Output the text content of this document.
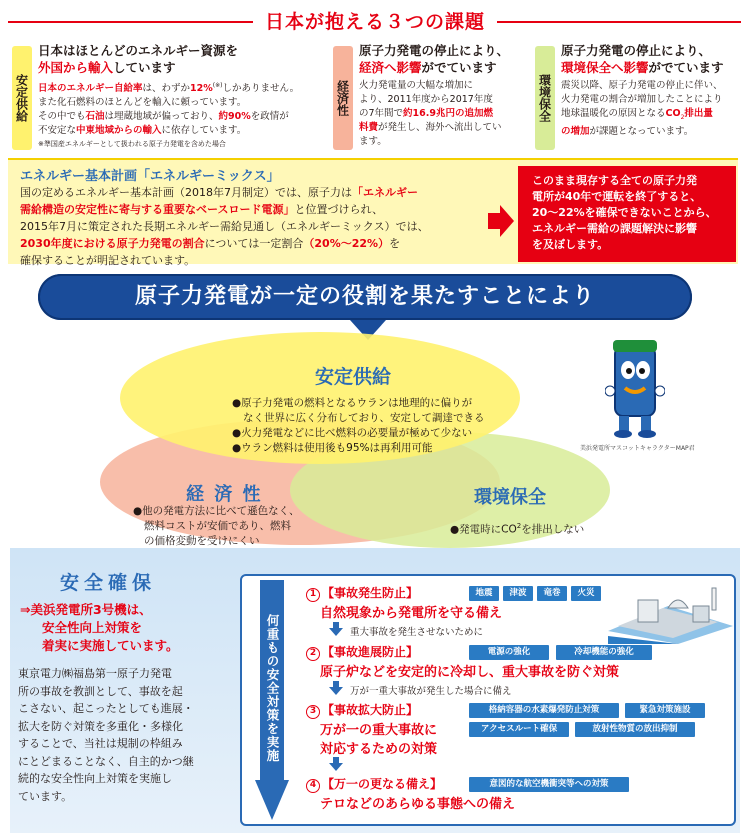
日本が抱える３つの課題
安定供給
日本はほとんどのエネルギー資源を
外国から輸入しています
日本のエネルギー自給率は、わずか12%(※)しかありません。
また化石燃料のほとんどを輸入に頼っています。
その中でも石油は埋蔵地域が偏っており、約90%を政情が
不安定な中東地域からの輸入に依存しています。
※準国産エネルギーとして扱われる原子力発電を含めた場合
経済性
原子力発電の停止により、
経済へ影響がでています
火力発電量の大幅な増加に
より、2011年度から2017年度
の7年間で約16.9兆円の追加燃
料費が発生し、海外へ流出してい
ます。
環境保全
原子力発電の停止により、
環境保全へ影響がでています
震災以降、原子力発電の停止に伴い、
火力発電の割合が増加したことにより
地球温暖化の原因となる$CO_2$排出量
の増加が課題となっています。
エネルギー基本計画「エネルギーミックス」
国の定めるエネルギー基本計画（2018年7月制定）では、原子力は「エネルギー
需給構造の安定性に寄与する重要なベースロード電源」と位置づけられ、
2015年7月に策定された長期エネルギー需給見通し（エネルギーミックス）では、
2030年度における原子力発電の割合については一定割合（20%〜22%）を
確保することが明記されています。
このまま現存する全ての原子力発
電所が40年で運転を終了すると、
20〜22%を確保できないことから、
エネルギー需給の課題解決に影響
を及ぼします。
原子力発電が一定の役割を果たすことにより
安定供給
●原子力発電の燃料となるウランは地理的に偏りが
なく世界に広く分布しており、安定して調達できる
●火力発電などに比べ燃料の必要量が極めて少ない
●ウラン燃料は使用後も95%は再利用可能
経 済 性
●他の発電方法に比べて遜色なく、
燃料コストが安価であり、燃料
の価格変動を受けにくい
環境保全
●発電時に$CO^2$を排出しない
美浜発電所マスコットキャラクターMAP君
安全確保
⇒美浜発電所3号機は、
安全性向上対策を
着実に実施しています。
東京電力㈱福島第一原子力発電
所の事故を教訓として、事故を起
こさない、起こったとしても進展・
拡大を防ぐ対策を多重化・多様化
することで、当社は規制の枠組み
にとどまることなく、自主的かつ継
続的な安全性向上対策を実施し
ています。
何重もの安全対策を実施
1 【事故発生防止】	地震	津波	竜巻	火災
自然現象から発電所を守る備え
重大事故を発生させないために
2 【事故進展防止】	電源の強化	冷却機能の強化
原子炉などを安定的に冷却し、重大事故を防ぐ対策
万が一重大事故が発生した場合に備え
3 【事故拡大防止】	格納容器の水素爆発防止対策	緊急対策施設
アクセスルート確保	放射性物質の放出抑制
万が一の重大事故に
対応するための対策
4 【万一の更なる備え】	意図的な航空機衝突等への対策
テロなどのあらゆる事態への備え
